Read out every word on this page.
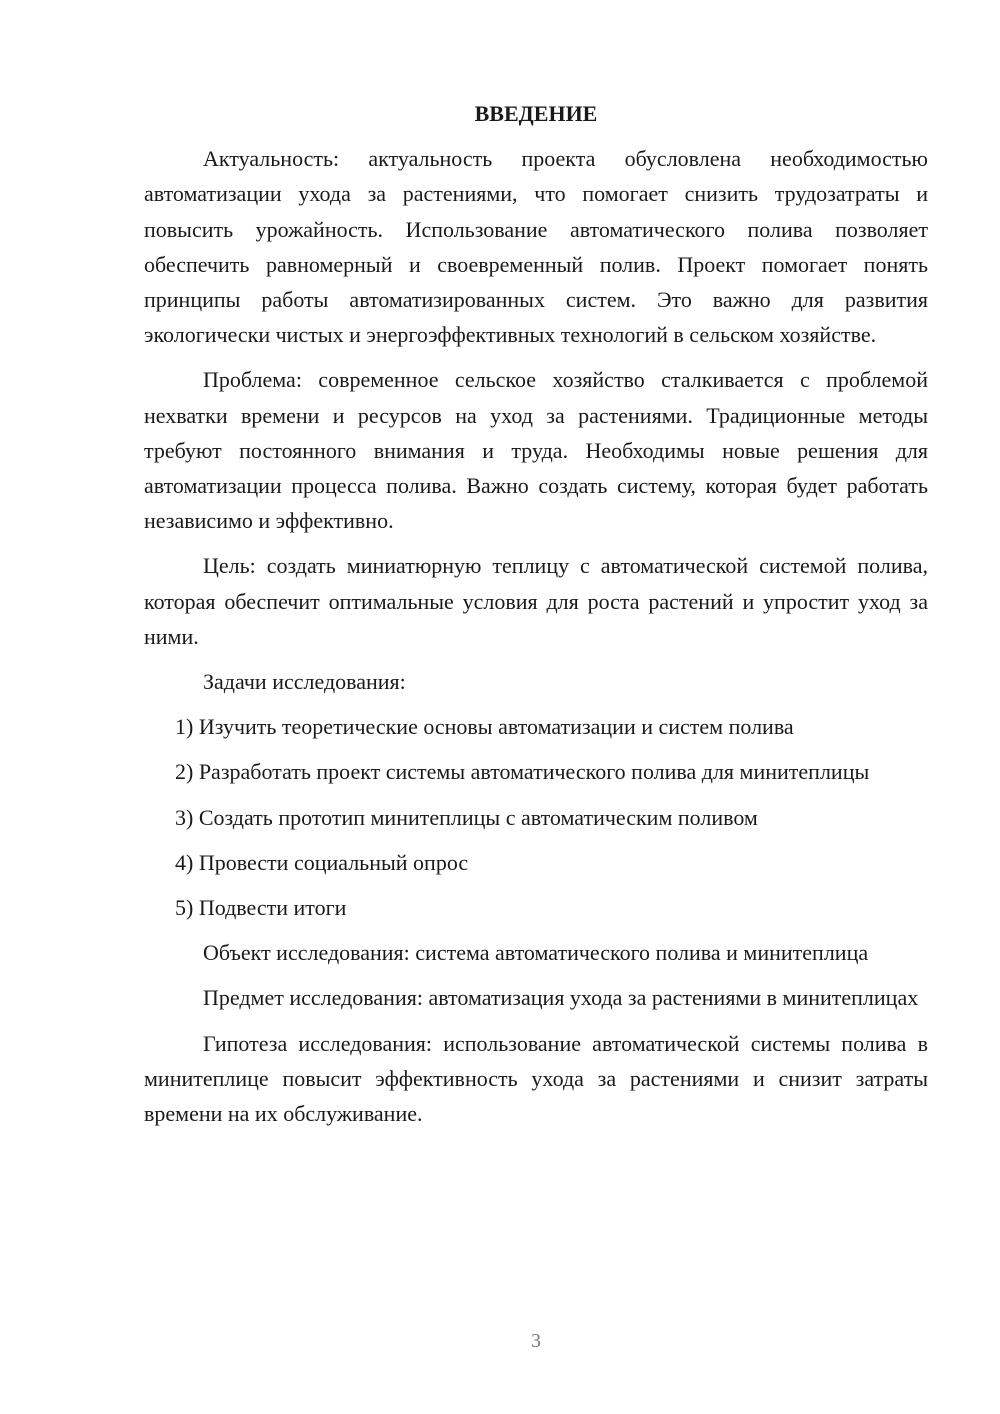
ВВЕДЕНИЕ

Актуальность: актуальность проекта обусловлена необходимостью автоматизации ухода за растениями, что помогает снизить трудозатраты и повысить урожайность. Использование автоматического полива позволяет обеспечить равномерный и своевременный полив. Проект помогает понять принципы работы автоматизированных систем. Это важно для развития экологически чистых и энергоэффективных технологий в сельском хозяйстве.

Проблема: современное сельское хозяйство сталкивается с проблемой нехватки времени и ресурсов на уход за растениями. Традиционные методы требуют постоянного внимания и труда. Необходимы новые решения для автоматизации процесса полива. Важно создать систему, которая будет работать независимо и эффективно.

Цель: создать миниатюрную теплицу с автоматической системой полива, которая обеспечит оптимальные условия для роста растений и упростит уход за ними.

Задачи исследования:

1) Изучить теоретические основы автоматизации и систем полива

2) Разработать проект системы автоматического полива для минитеплицы

3) Создать прототип минитеплицы с автоматическим поливом

4) Провести социальный опрос

5) Подвести итоги

Объект исследования: система автоматического полива и минитеплица

Предмет исследования: автоматизация ухода за растениями в минитеплицах

Гипотеза исследования: использование автоматической системы полива в минитеплице повысит эффективность ухода за растениями и снизит затраты времени на их обслуживание.

3
